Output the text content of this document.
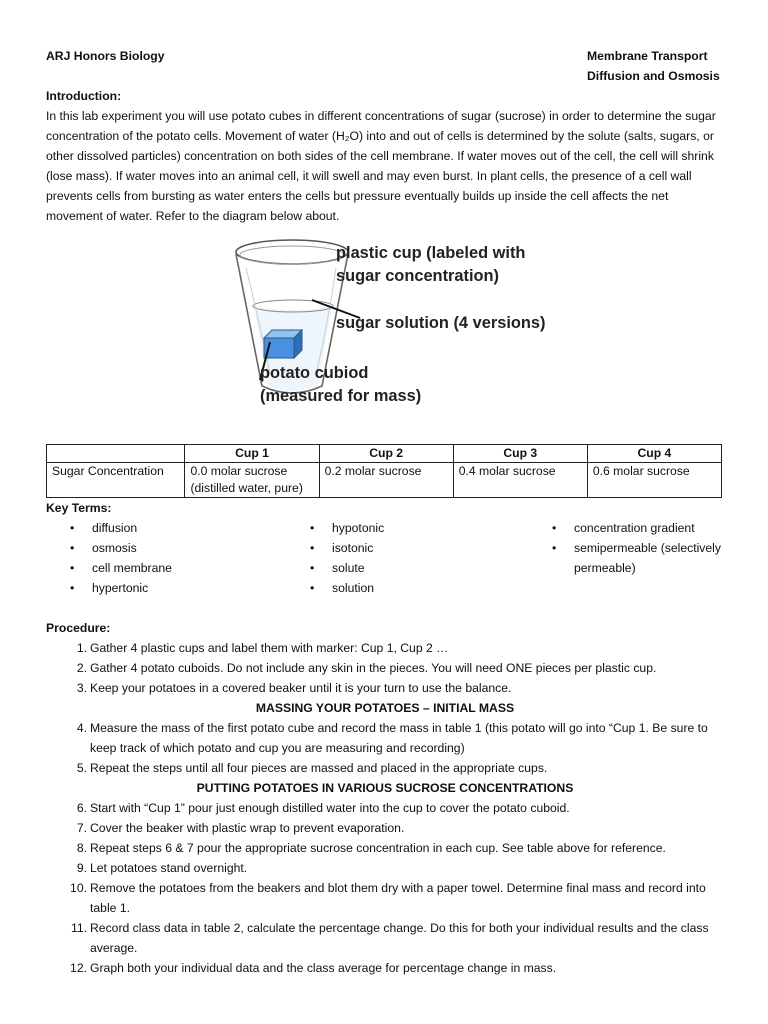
ARJ Honors Biology	Membrane Transport
Diffusion and Osmosis
Introduction:

In this lab experiment you will use potato cubes in different concentrations of sugar (sucrose) in order to determine the sugar concentration of the potato cells. Movement of water (H₂O) into and out of cells is determined by the solute (salts, sugars, or other dissolved particles) concentration on both sides of the cell membrane. If water moves out of the cell, the cell will shrink (lose mass). If water moves into an animal cell, it will swell and may even burst. In plant cells, the presence of a cell wall prevents cells from bursting as water enters the cells but pressure eventually builds up inside the cell affects the net movement of water. Refer to the diagram below about.

plastic cup (labeled with
sugar concentration)
sugar solution (4 versions)
potato cubiod
(measured for mass)
	Cup 1	Cup 2	Cup 3	Cup 4
Sugar Concentration	0.0 molar sucrose (distilled water, pure)	0.2 molar sucrose	0.4 molar sucrose	0.6 molar sucrose
Key Terms:
• diffusion
• osmosis
• cell membrane
• hypertonic
• hypotonic
• isotonic
• solute
• solution
• concentration gradient
• semipermeable (selectively permeable)
Procedure:
1. Gather 4 plastic cups and label them with marker: Cup 1, Cup 2 …
2. Gather 4 potato cuboids. Do not include any skin in the pieces. You will need ONE pieces per plastic cup.
3. Keep your potatoes in a covered beaker until it is your turn to use the balance.
MASSING YOUR POTATOES – INITIAL MASS
4. Measure the mass of the first potato cube and record the mass in table 1 (this potato will go into “Cup 1. Be sure to keep track of which potato and cup you are measuring and recording)
5. Repeat the steps until all four pieces are massed and placed in the appropriate cups.
PUTTING POTATOES IN VARIOUS SUCROSE CONCENTRATIONS
6. Start with “Cup 1” pour just enough distilled water into the cup to cover the potato cuboid.
7. Cover the beaker with plastic wrap to prevent evaporation.
8. Repeat steps 6 & 7 pour the appropriate sucrose concentration in each cup. See table above for reference.
9. Let potatoes stand overnight.
10. Remove the potatoes from the beakers and blot them dry with a paper towel. Determine final mass and record into table 1.
11. Record class data in table 2, calculate the percentage change. Do this for both your individual results and the class average.
12. Graph both your individual data and the class average for percentage change in mass.
